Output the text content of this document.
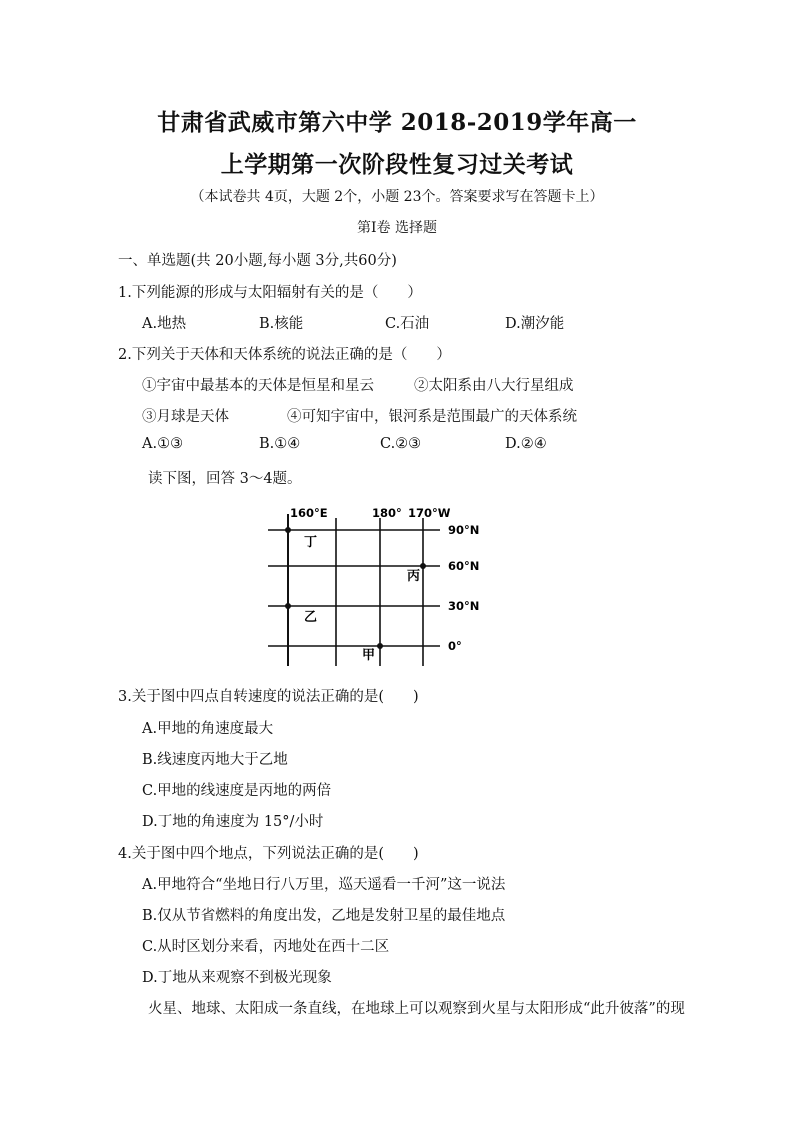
甘肃省武威市第六中学 2018-2019学年高一
上学期第一次阶段性复习过关考试
（本试卷共 4页，大题 2个，小题 23个。答案要求写在答题卡上）
第Ⅰ卷 选择题
一、单选题(共 20小题,每小题 3分,共60分)
1.下列能源的形成与太阳辐射有关的是（　　）
A.地热	B.核能	C.石油	D.潮汐能
2.下列关于天体和天体系统的说法正确的是（　　）
①宇宙中最基本的天体是恒星和星云	②太阳系由八大行星组成
③月球是天体	④可知宇宙中，银河系是范围最广的天体系统
A.①③	B.①④	C.②③	D.②④
读下图，回答 3～4题。
160°E	180° 170°W
90°N
60°N
30°N
0°
丁
丙
乙
甲
3.关于图中四点自转速度的说法正确的是(　　)
A.甲地的角速度最大
B.线速度丙地大于乙地
C.甲地的线速度是丙地的两倍
D.丁地的角速度为 15°/小时
4.关于图中四个地点，下列说法正确的是(　　)
A.甲地符合“坐地日行八万里，巡天遥看一千河”这一说法
B.仅从节省燃料的角度出发，乙地是发射卫星的最佳地点
C.从时区划分来看，丙地处在西十二区
D.丁地从来观察不到极光现象
火星、地球、太阳成一条直线，在地球上可以观察到火星与太阳形成“此升彼落”的现
